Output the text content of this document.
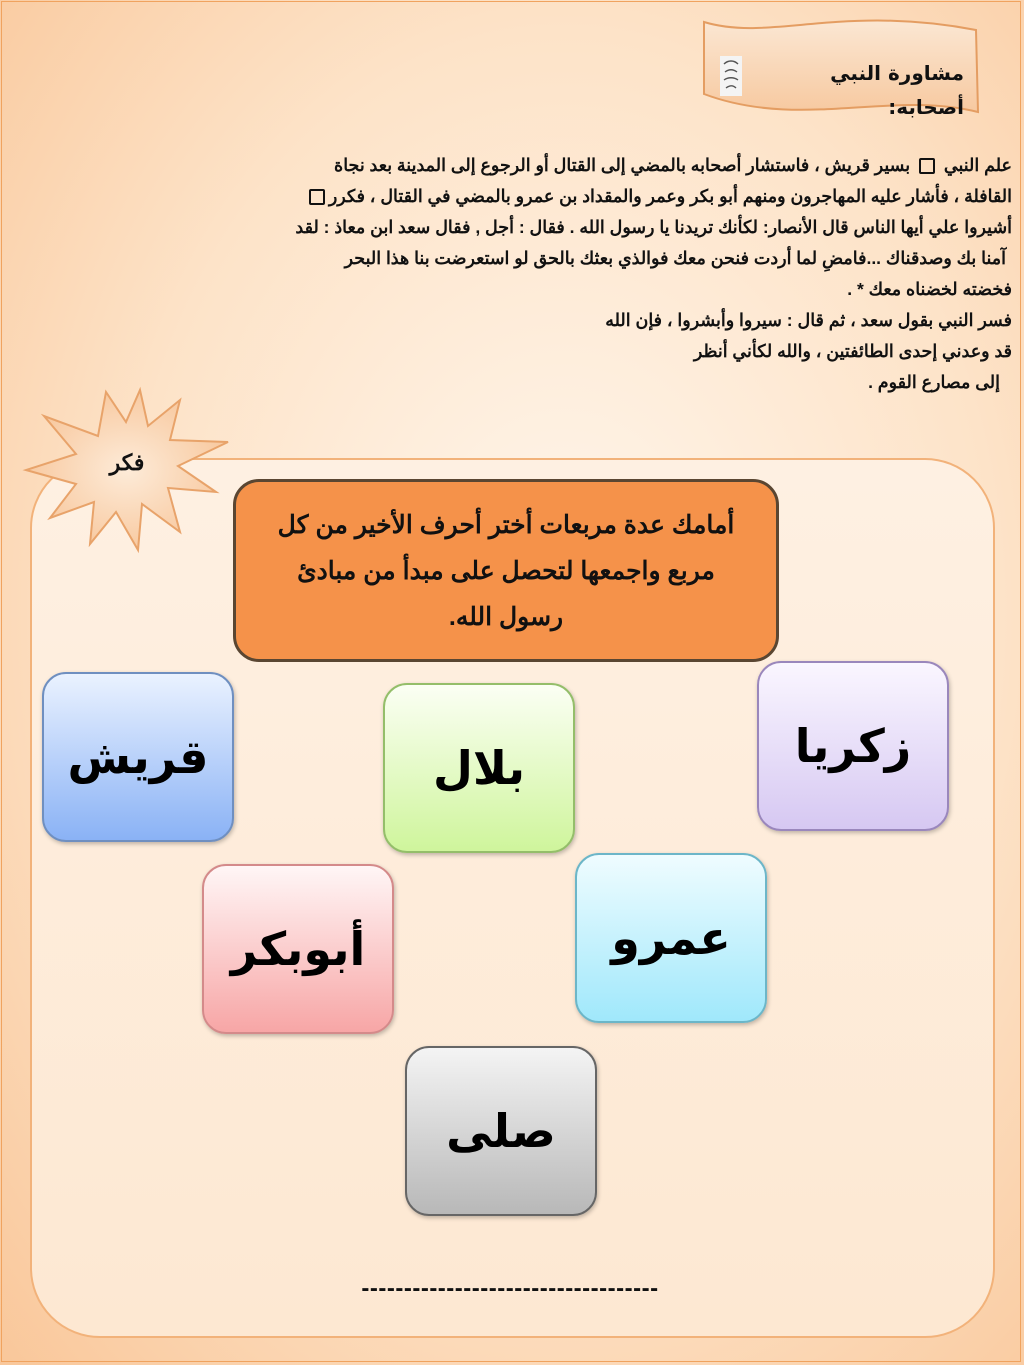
مشاورة النبي

أصحابه:

علم النبي  بسير قريش ، فاستشار أصحابه بالمضي إلى القتال أو الرجوع إلى المدينة بعد نجاة

القافلة ، فأشار عليه المهاجرون ومنهم أبو بكر وعمر والمقداد بن عمرو بالمضي في القتال ، فكرر

أشيروا علي أيها الناس قال الأنصار: لكأنك تريدنا يا رسول الله . فقال : أجل , فقال سعد ابن معاذ : لقد

آمنا بك وصدقناك ...فامضِ لما أردت فنحن معك فوالذي بعثك بالحق لو استعرضت بنا هذا البحر

فخضته لخضناه معك * .

فسر النبي بقول سعد ، ثم قال : سيروا وأبشروا ، فإن الله

قد وعدني إحدى الطائفتين ، والله لكأني أنظر

إلى مصارع القوم .

فكر
أمامك عدة مربعات أختر أحرف الأخير من كل مربع واجمعها لتحصل على مبدأ من مبادئ رسول الله.
قريش	بلال	زكريا
أبوبكر	عمرو
صلى
-----------------------------------
